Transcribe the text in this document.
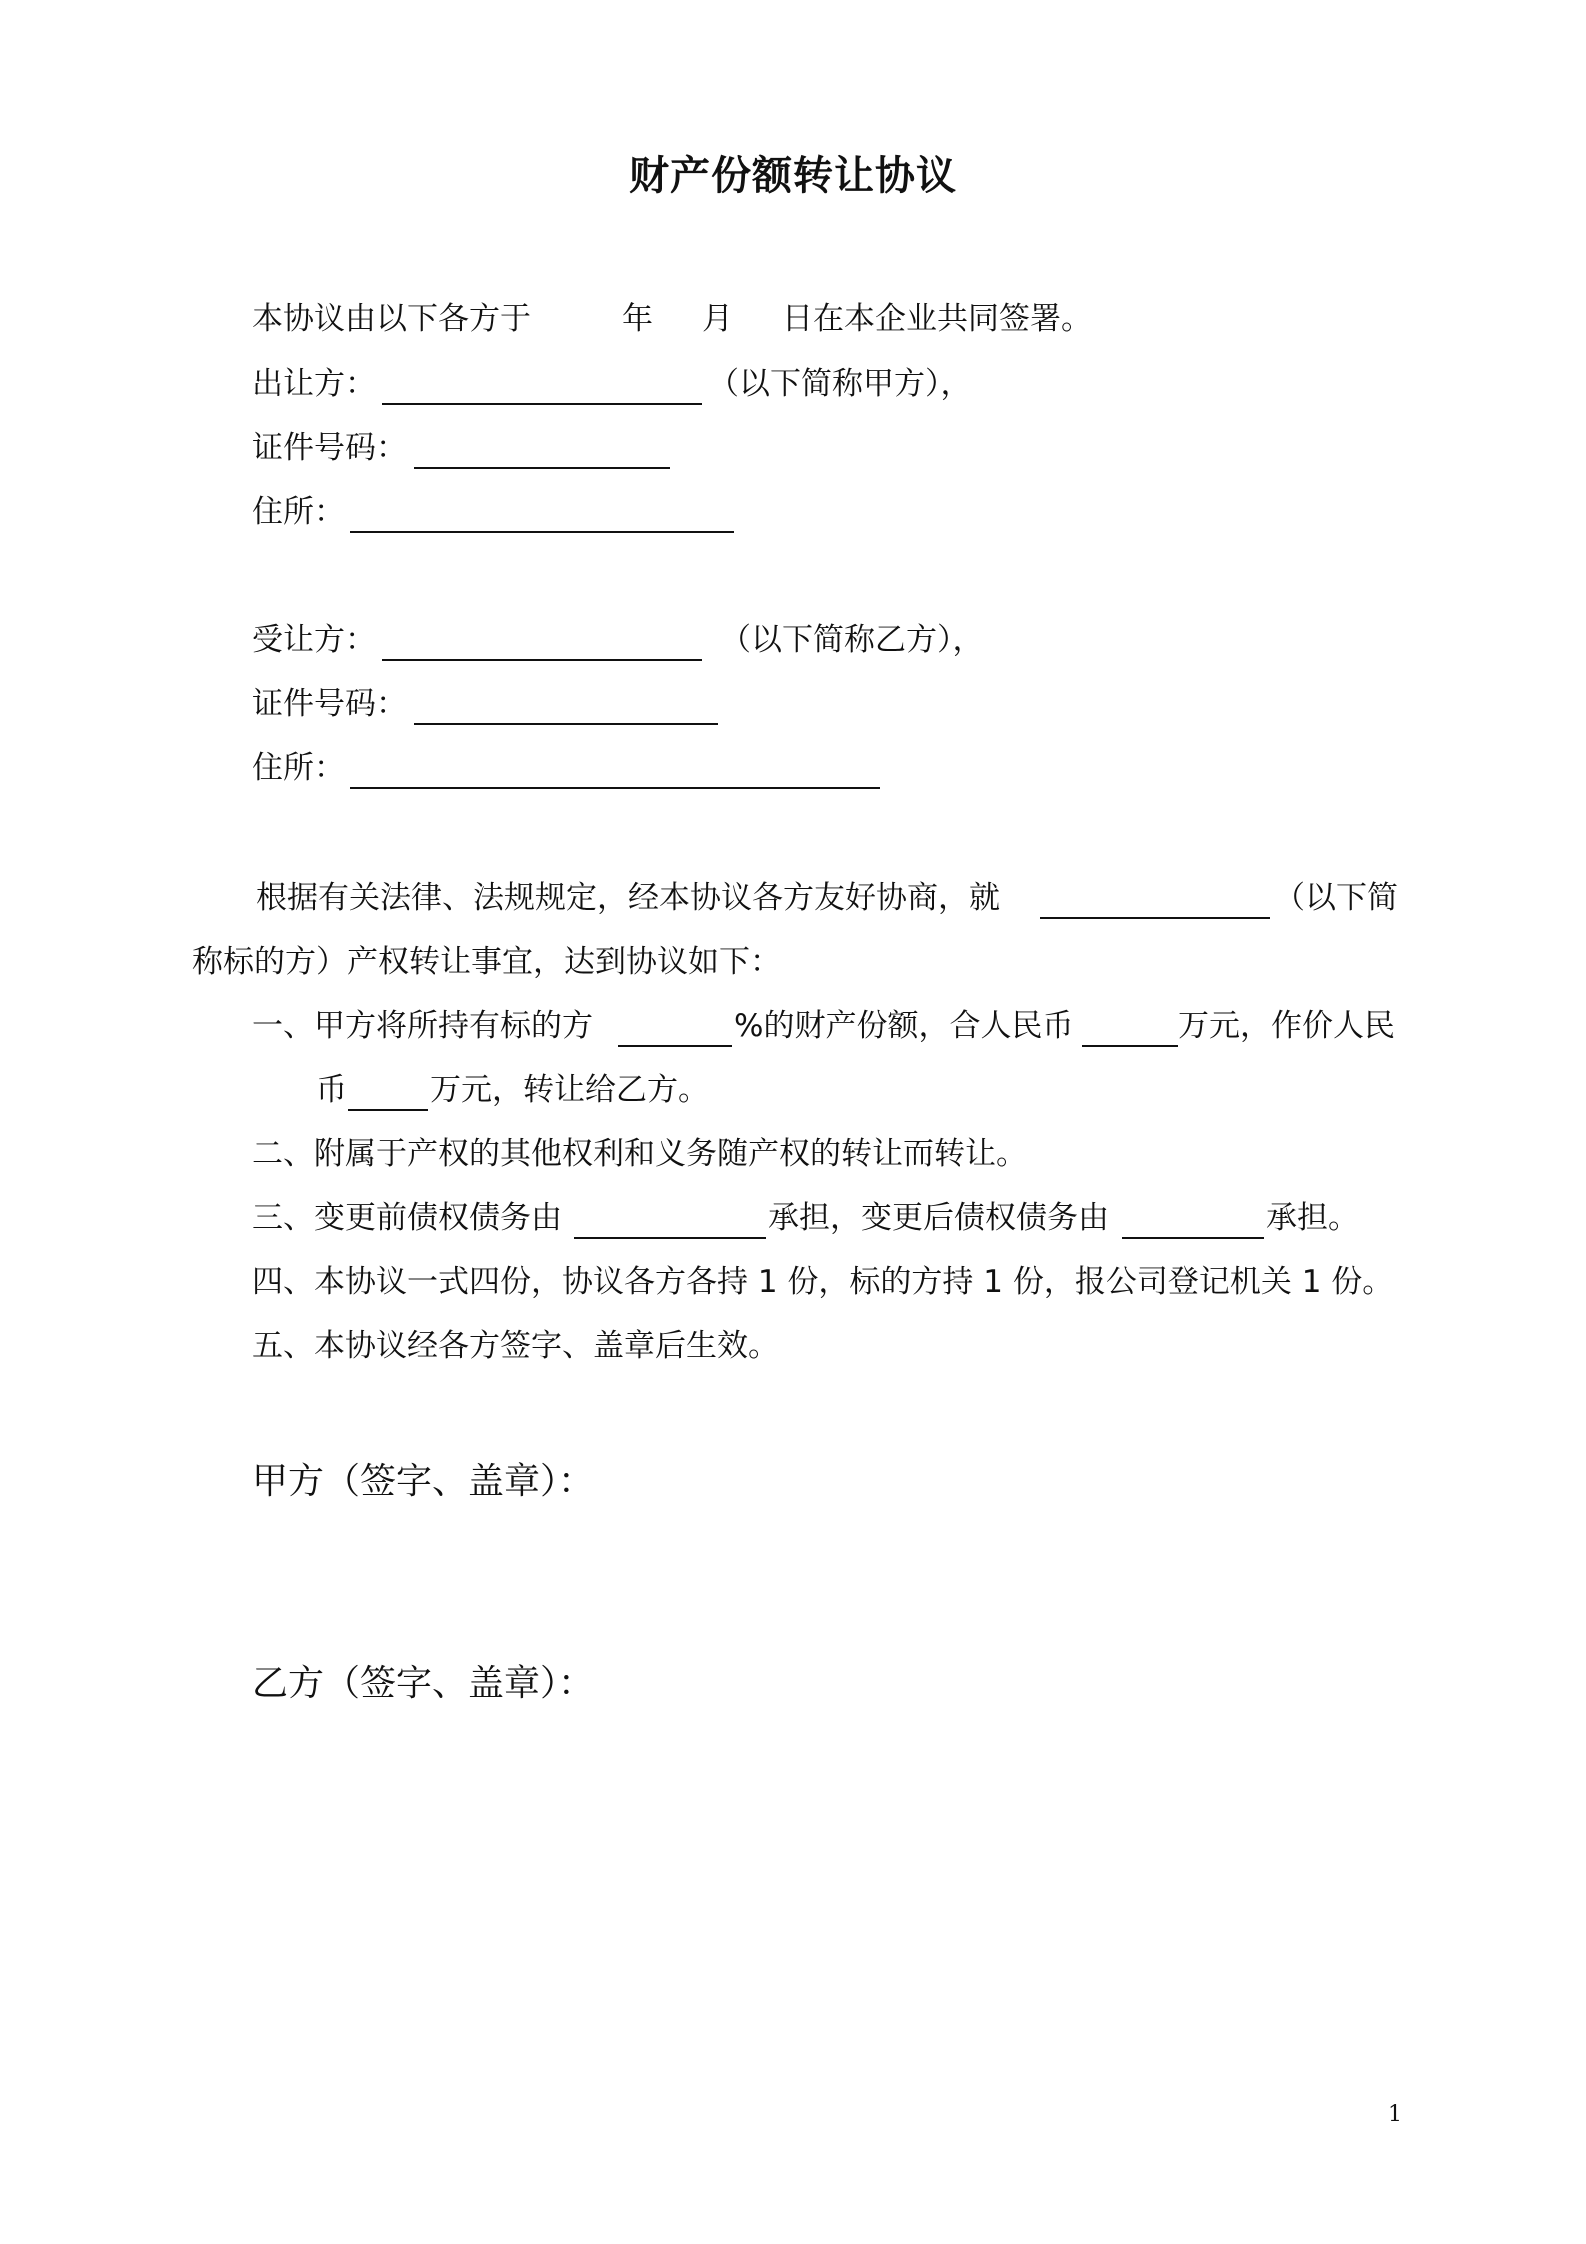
财产份额转让协议
本协议由以下各方于	年 月 日在本企业共同签署。
出让方：	（以下简称甲方），
证件号码：
住所：
受让方：	（以下简称乙方），
证件号码：
住所：
根据有关法律、法规规定，经本协议各方友好协商，就	（以下简
称标的方）产权转让事宜，达到协议如下：
一、甲方将所持有标的方	%的财产份额，合人民币	万元，作价人民
币	万元，转让给乙方。
二、附属于产权的其他权利和义务随产权的转让而转让。
三、变更前债权债务由	承担，变更后债权债务由	承担。
四、本协议一式四份，协议各方各持 1 份，标的方持 1 份，报公司登记机关 1 份。
五、本协议经各方签字、盖章后生效。
甲方（签字、盖章）：
乙方（签字、盖章）：
1
